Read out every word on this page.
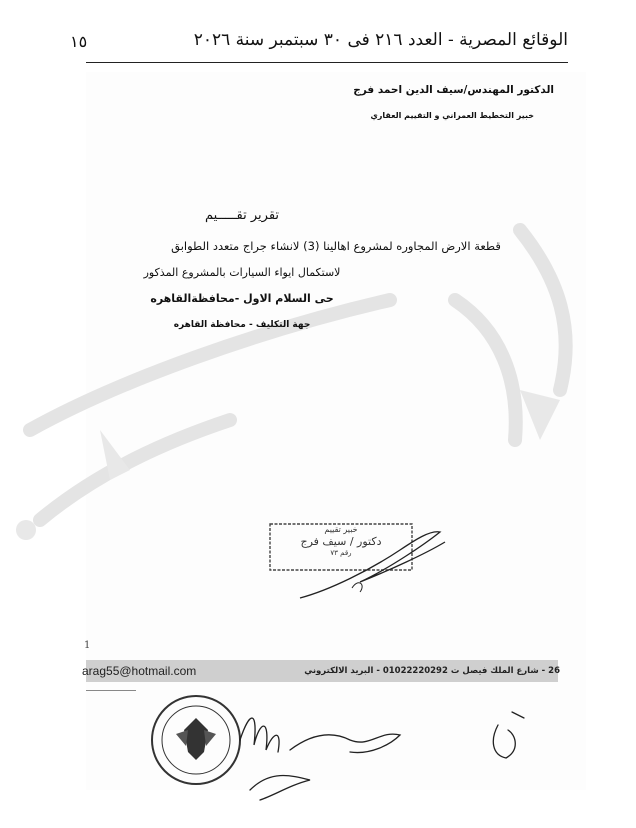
الوقائع المصرية - العدد ٢١٦ فى ٣٠ سبتمبر سنة ٢٠٢٦
١٥
الدكتور المهندس/سيف الدين احمد فرج
خبير التخطيط العمراني و التقييم العقاري
تقرير تقـــــيم
قطعة الارض المجاوره لمشروع اهالينا (3) لانشاء جراج متعدد الطوابق
لاستكمال ايواء السيارات بالمشروع المذكور
حى السلام الاول -محافظةالقاهره
جهة التكليف - محافظة القاهره
خبير تقييم
دكتور / سيف فرج
رقم ٧٣
1
arag55@hotmail.com	26 - شارع الملك فيصل ت 01022220292 - البريد الالكتروني
